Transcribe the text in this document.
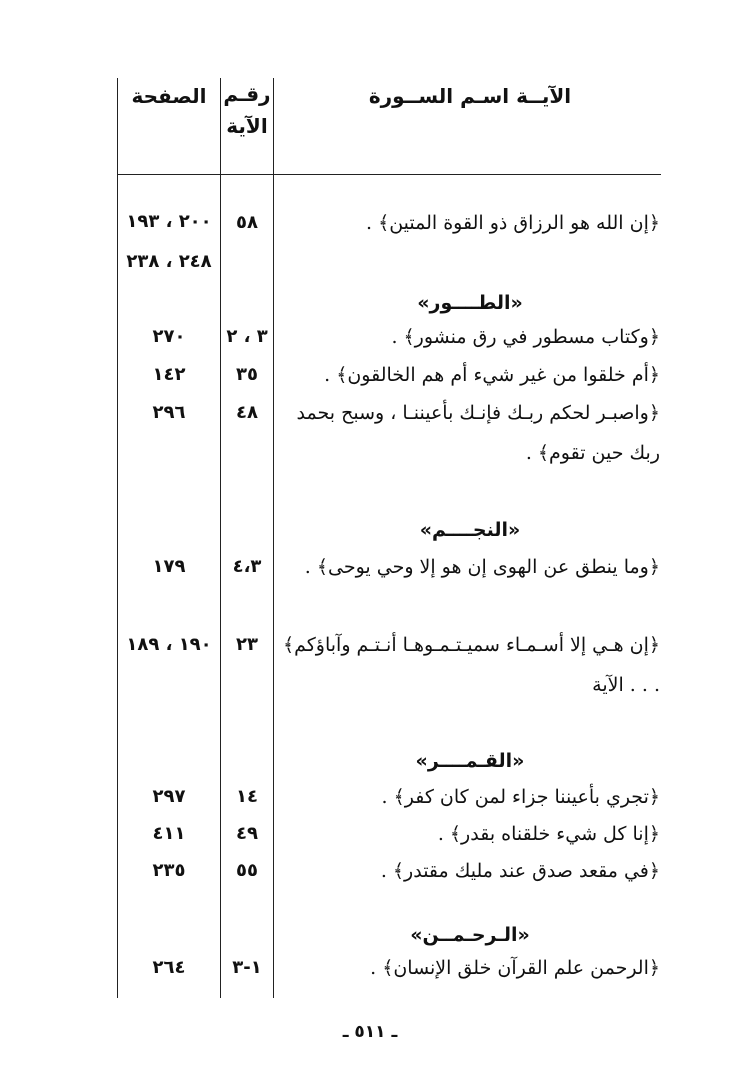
الآيــة اسـم الســورة
رقـم الآية
الصفحة
﴿إن الله هو الرزاق ذو القوة المتين﴾ .
٥٨
٢٠٠ ، ١٩٣ ٢٤٨ ، ٢٣٨
«الطــــور»
﴿وكتاب مسطور في رق منشور﴾ .
٣ ، ٢
٢٧٠
﴿أم خلقوا من غير شيء أم هم الخالقون﴾ .
٣٥
١٤٢
﴿واصبـر لحكم ربـك فإنـك بأعيننـا ، وسبح بحمد ربك حين تقوم﴾ .
٤٨
٢٩٦
«النجــــم»
﴿وما ينطق عن الهوى إن هو إلا وحي يوحى﴾ .
٤،٣
١٧٩
﴿إن هـي إلا أسـمـاء سميـتـمـوهـا أنـتـم وآباؤكم﴾ . . . الآية
٢٣
١٩٠ ، ١٨٩
«القـمــــر»
﴿تجري بأعيننا جزاء لمن كان كفر﴾ .
١٤
٢٩٧
﴿إنا كل شيء خلقناه بقدر﴾ .
٤٩
٤١١
﴿في مقعد صدق عند مليك مقتدر﴾ .
٥٥
٢٣٥
«الـرحـمــن»
﴿الرحمن علم القرآن خلق الإنسان﴾ .
١-٣
٢٦٤
ـ ٥١١ ـ
